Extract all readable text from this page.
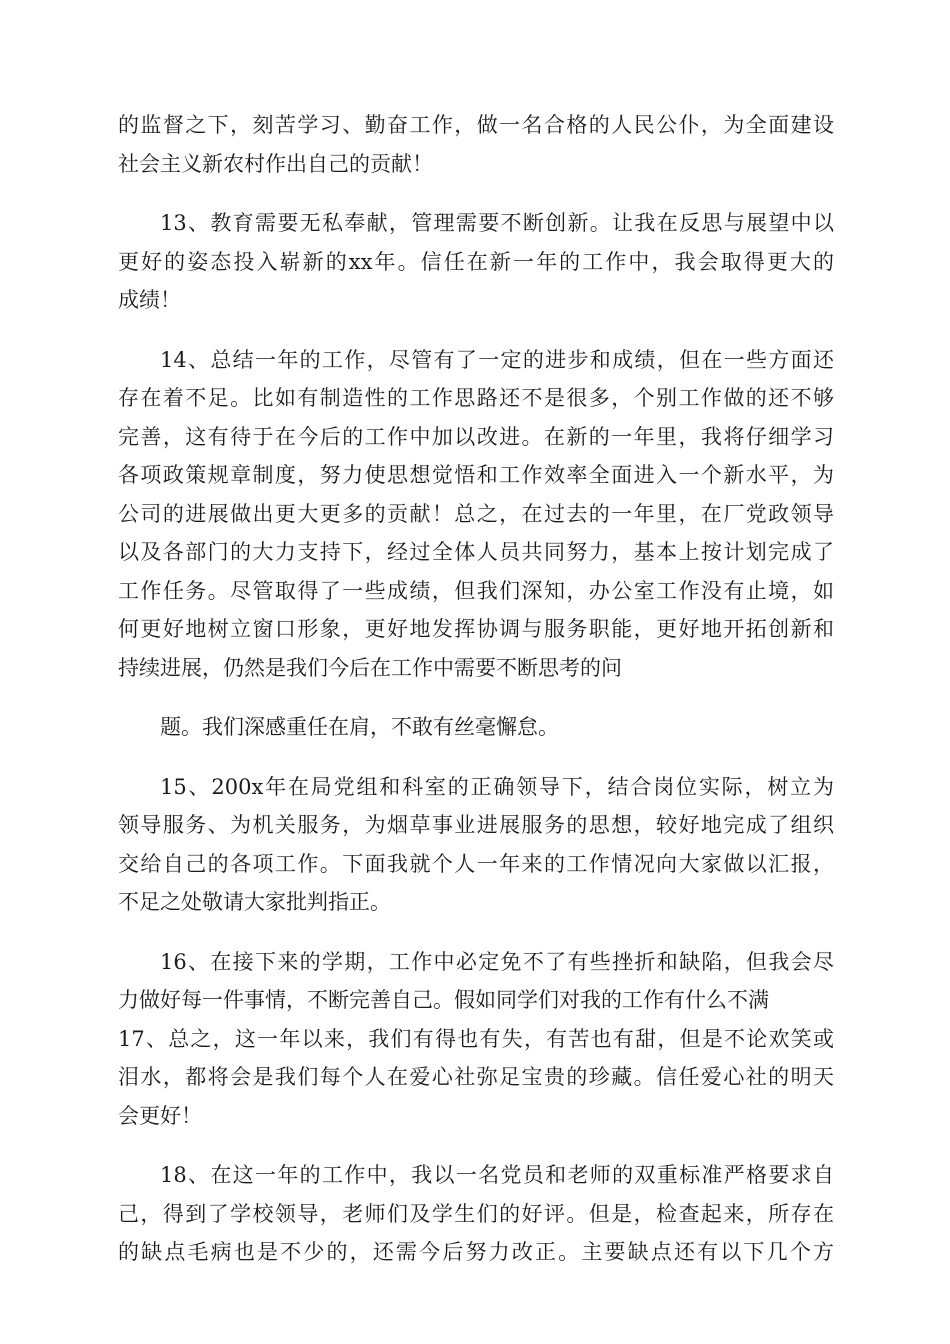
的监督之下，刻苦学习、勤奋工作，做一名合格的人民公仆，为全面建设
社会主义新农村作出自己的贡献！
13、教育需要无私奉献，管理需要不断创新。让我在反思与展望中以
更好的姿态投入崭新的xx年。信任在新一年的工作中，我会取得更大的
成绩！
14、总结一年的工作，尽管有了一定的进步和成绩，但在一些方面还
存在着不足。比如有制造性的工作思路还不是很多，个别工作做的还不够
完善，这有待于在今后的工作中加以改进。在新的一年里，我将仔细学习
各项政策规章制度，努力使思想觉悟和工作效率全面进入一个新水平，为
公司的进展做出更大更多的贡献！总之，在过去的一年里，在厂党政领导
以及各部门的大力支持下，经过全体人员共同努力，基本上按计划完成了
工作任务。尽管取得了一些成绩，但我们深知，办公室工作没有止境，如
何更好地树立窗口形象，更好地发挥协调与服务职能，更好地开拓创新和
持续进展，仍然是我们今后在工作中需要不断思考的问
题。我们深感重任在肩，不敢有丝毫懈怠。
15、200x年在局党组和科室的正确领导下，结合岗位实际，树立为
领导服务、为机关服务，为烟草事业进展服务的思想，较好地完成了组织
交给自己的各项工作。下面我就个人一年来的工作情况向大家做以汇报，
不足之处敬请大家批判指正。
16、在接下来的学期，工作中必定免不了有些挫折和缺陷，但我会尽
力做好每一件事情，不断完善自己。假如同学们对我的工作有什么不满
17、总之，这一年以来，我们有得也有失，有苦也有甜，但是不论欢笑或
泪水，都将会是我们每个人在爱心社弥足宝贵的珍藏。信任爱心社的明天
会更好！
18、在这一年的工作中，我以一名党员和老师的双重标准严格要求自
己，得到了学校领导，老师们及学生们的好评。但是，检查起来，所存在
的缺点毛病也是不少的，还需今后努力改正。主要缺点还有以下几个方
